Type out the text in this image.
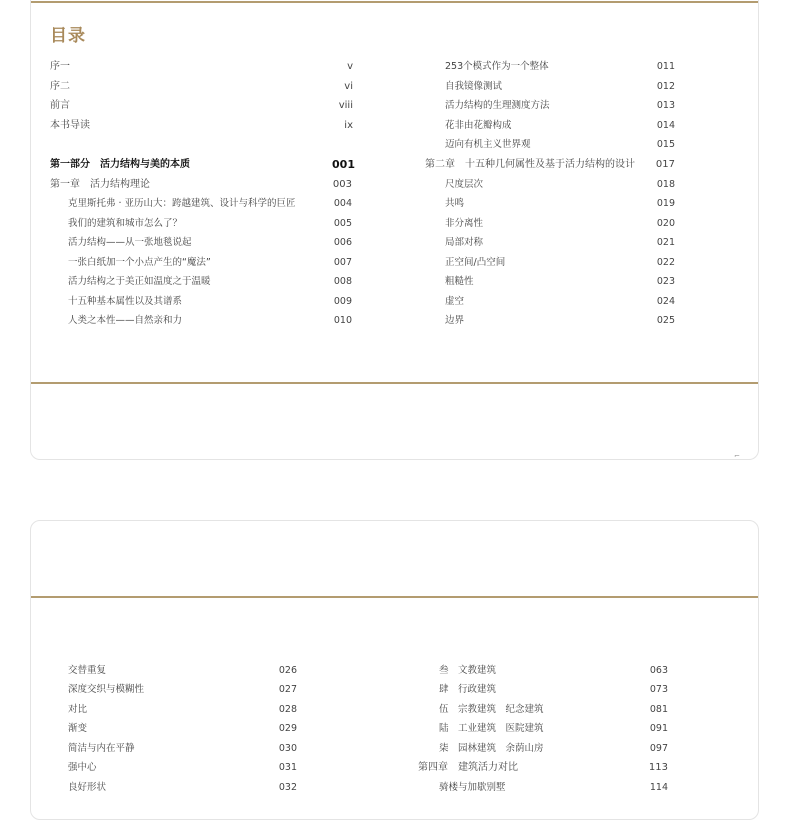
目录
序一	v
序二	vi
前言	viii
本书导读	ix
第一部分　活力结构与美的本质	001
第一章　活力结构理论	003
克里斯托弗 · 亚历山大：跨越建筑、设计与科学的巨匠	004
我们的建筑和城市怎么了？	005
活力结构——从一张地毯说起	006
一张白纸加一个小点产生的“魔法”	007
活力结构之于美正如温度之于温暖	008
十五种基本属性以及其谱系	009
人类之本性——自然亲和力	010
253个模式作为一个整体	011
自我镜像测试	012
活力结构的生理测度方法	013
花非由花瓣构成	014
迈向有机主义世界观	015
第二章　十五种几何属性及基于活力结构的设计	017
尺度层次	018
共鸣	019
非分离性	020
局部对称	021
正空间/凸空间	022
粗糙性	023
虚空	024
边界	025
⌐
交替重复	026
深度交织与模糊性	027
对比	028
渐变	029
简洁与内在平静	030
强中心	031
良好形状	032
叁　文教建筑	063
肆　行政建筑	073
伍　宗教建筑　纪念建筑	081
陆　工业建筑　医院建筑	091
柒　园林建筑　余荫山房	097
第四章　建筑活力对比	113
骑楼与加歇别墅	114
